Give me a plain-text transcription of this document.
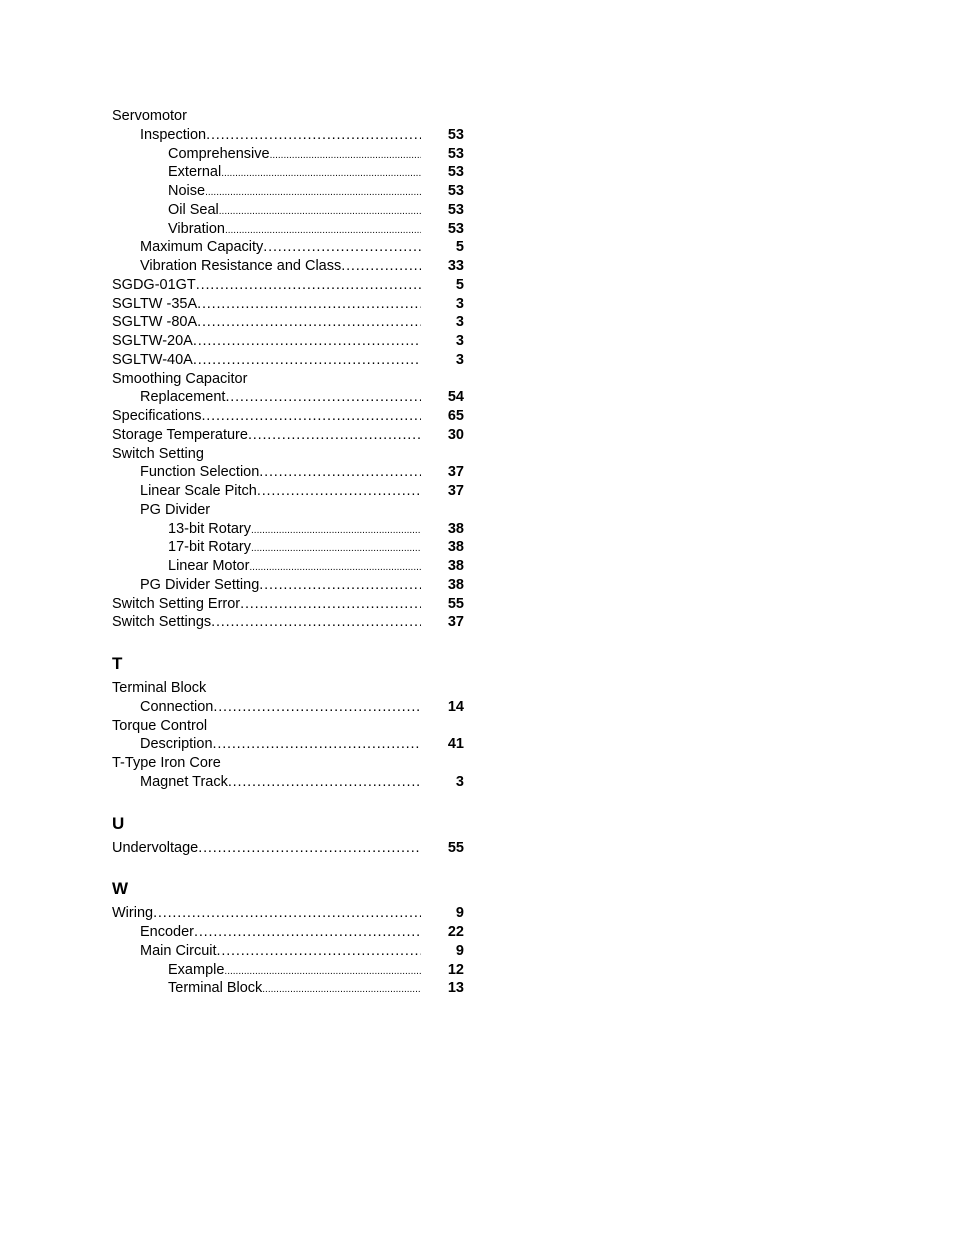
Servomotor
Inspection .....	53
Comprehensive .....	53
External .....	53
Noise .....	53
Oil Seal .....	53
Vibration .....	53
Maximum Capacity .....	5
Vibration Resistance and Class .....	33
SGDG-01GT .....	5
SGLTW -35A .....	3
SGLTW -80A .....	3
SGLTW-20A .....	3
SGLTW-40A .....	3
Smoothing Capacitor
Replacement .....	54
Specifications .....	65
Storage Temperature .....	30
Switch Setting
Function Selection .....	37
Linear Scale Pitch .....	37
PG Divider
13-bit Rotary .....	38
17-bit Rotary .....	38
Linear Motor .....	38
PG Divider Setting .....	38
Switch Setting Error .....	55
Switch Settings .....	37
T
Terminal Block
Connection .....	14
Torque Control
Description .....	41
T-Type Iron Core
Magnet Track .....	3
U
Undervoltage .....	55
W
Wiring .....	9
Encoder .....	22
Main Circuit .....	9
Example .....	12
Terminal Block .....	13
